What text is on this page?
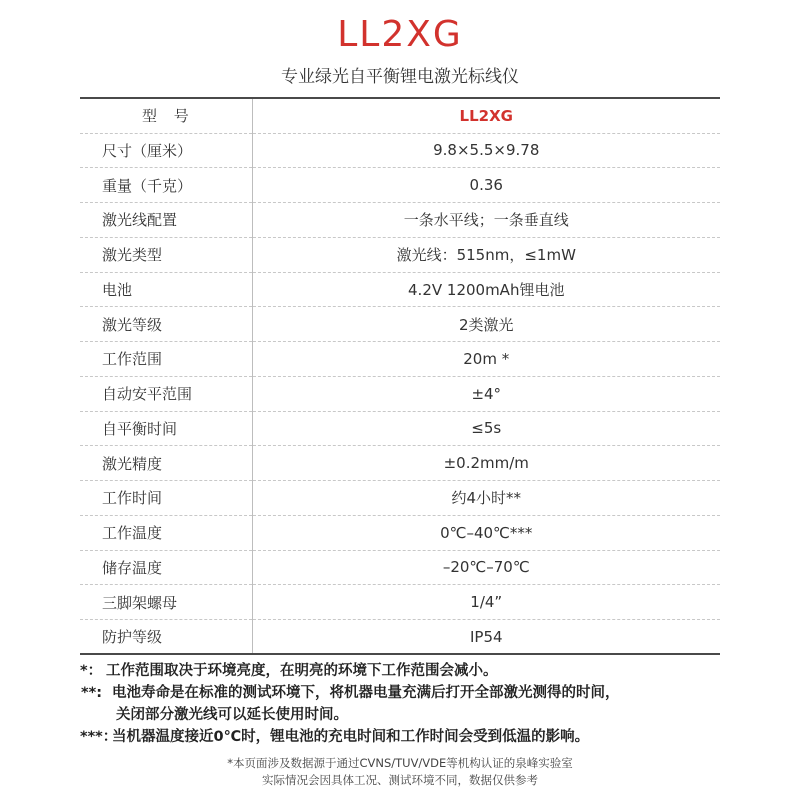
LL2XG
专业绿光自平衡锂电激光标线仪
型 号	LL2XG
尺寸（厘米）	9.8×5.5×9.78
重量（千克）	0.36
激光线配置	一条水平线；一条垂直线
激光类型	激光线：515nm，≤1mW
电池	4.2V 1200mAh锂电池
激光等级	2类激光
工作范围	20m *
自动安平范围	±4°
自平衡时间	≤5s
激光精度	±0.2mm/m
工作时间	约4小时**
工作温度	0℃–40℃***
储存温度	–20℃–70℃
三脚架螺母	1/4”
防护等级	IP54
*： 工作范围取决于环境亮度，在明亮的环境下工作范围会减小。
**: 电池寿命是在标准的测试环境下，将机器电量充满后打开全部激光测得的时间，
关闭部分激光线可以延长使用时间。
***：当机器温度接近0℃时，锂电池的充电时间和工作时间会受到低温的影响。
*本页面涉及数据源于通过CVNS/TUV/VDE等机构认证的泉峰实验室
实际情况会因具体工况、测试环境不同，数据仅供参考
